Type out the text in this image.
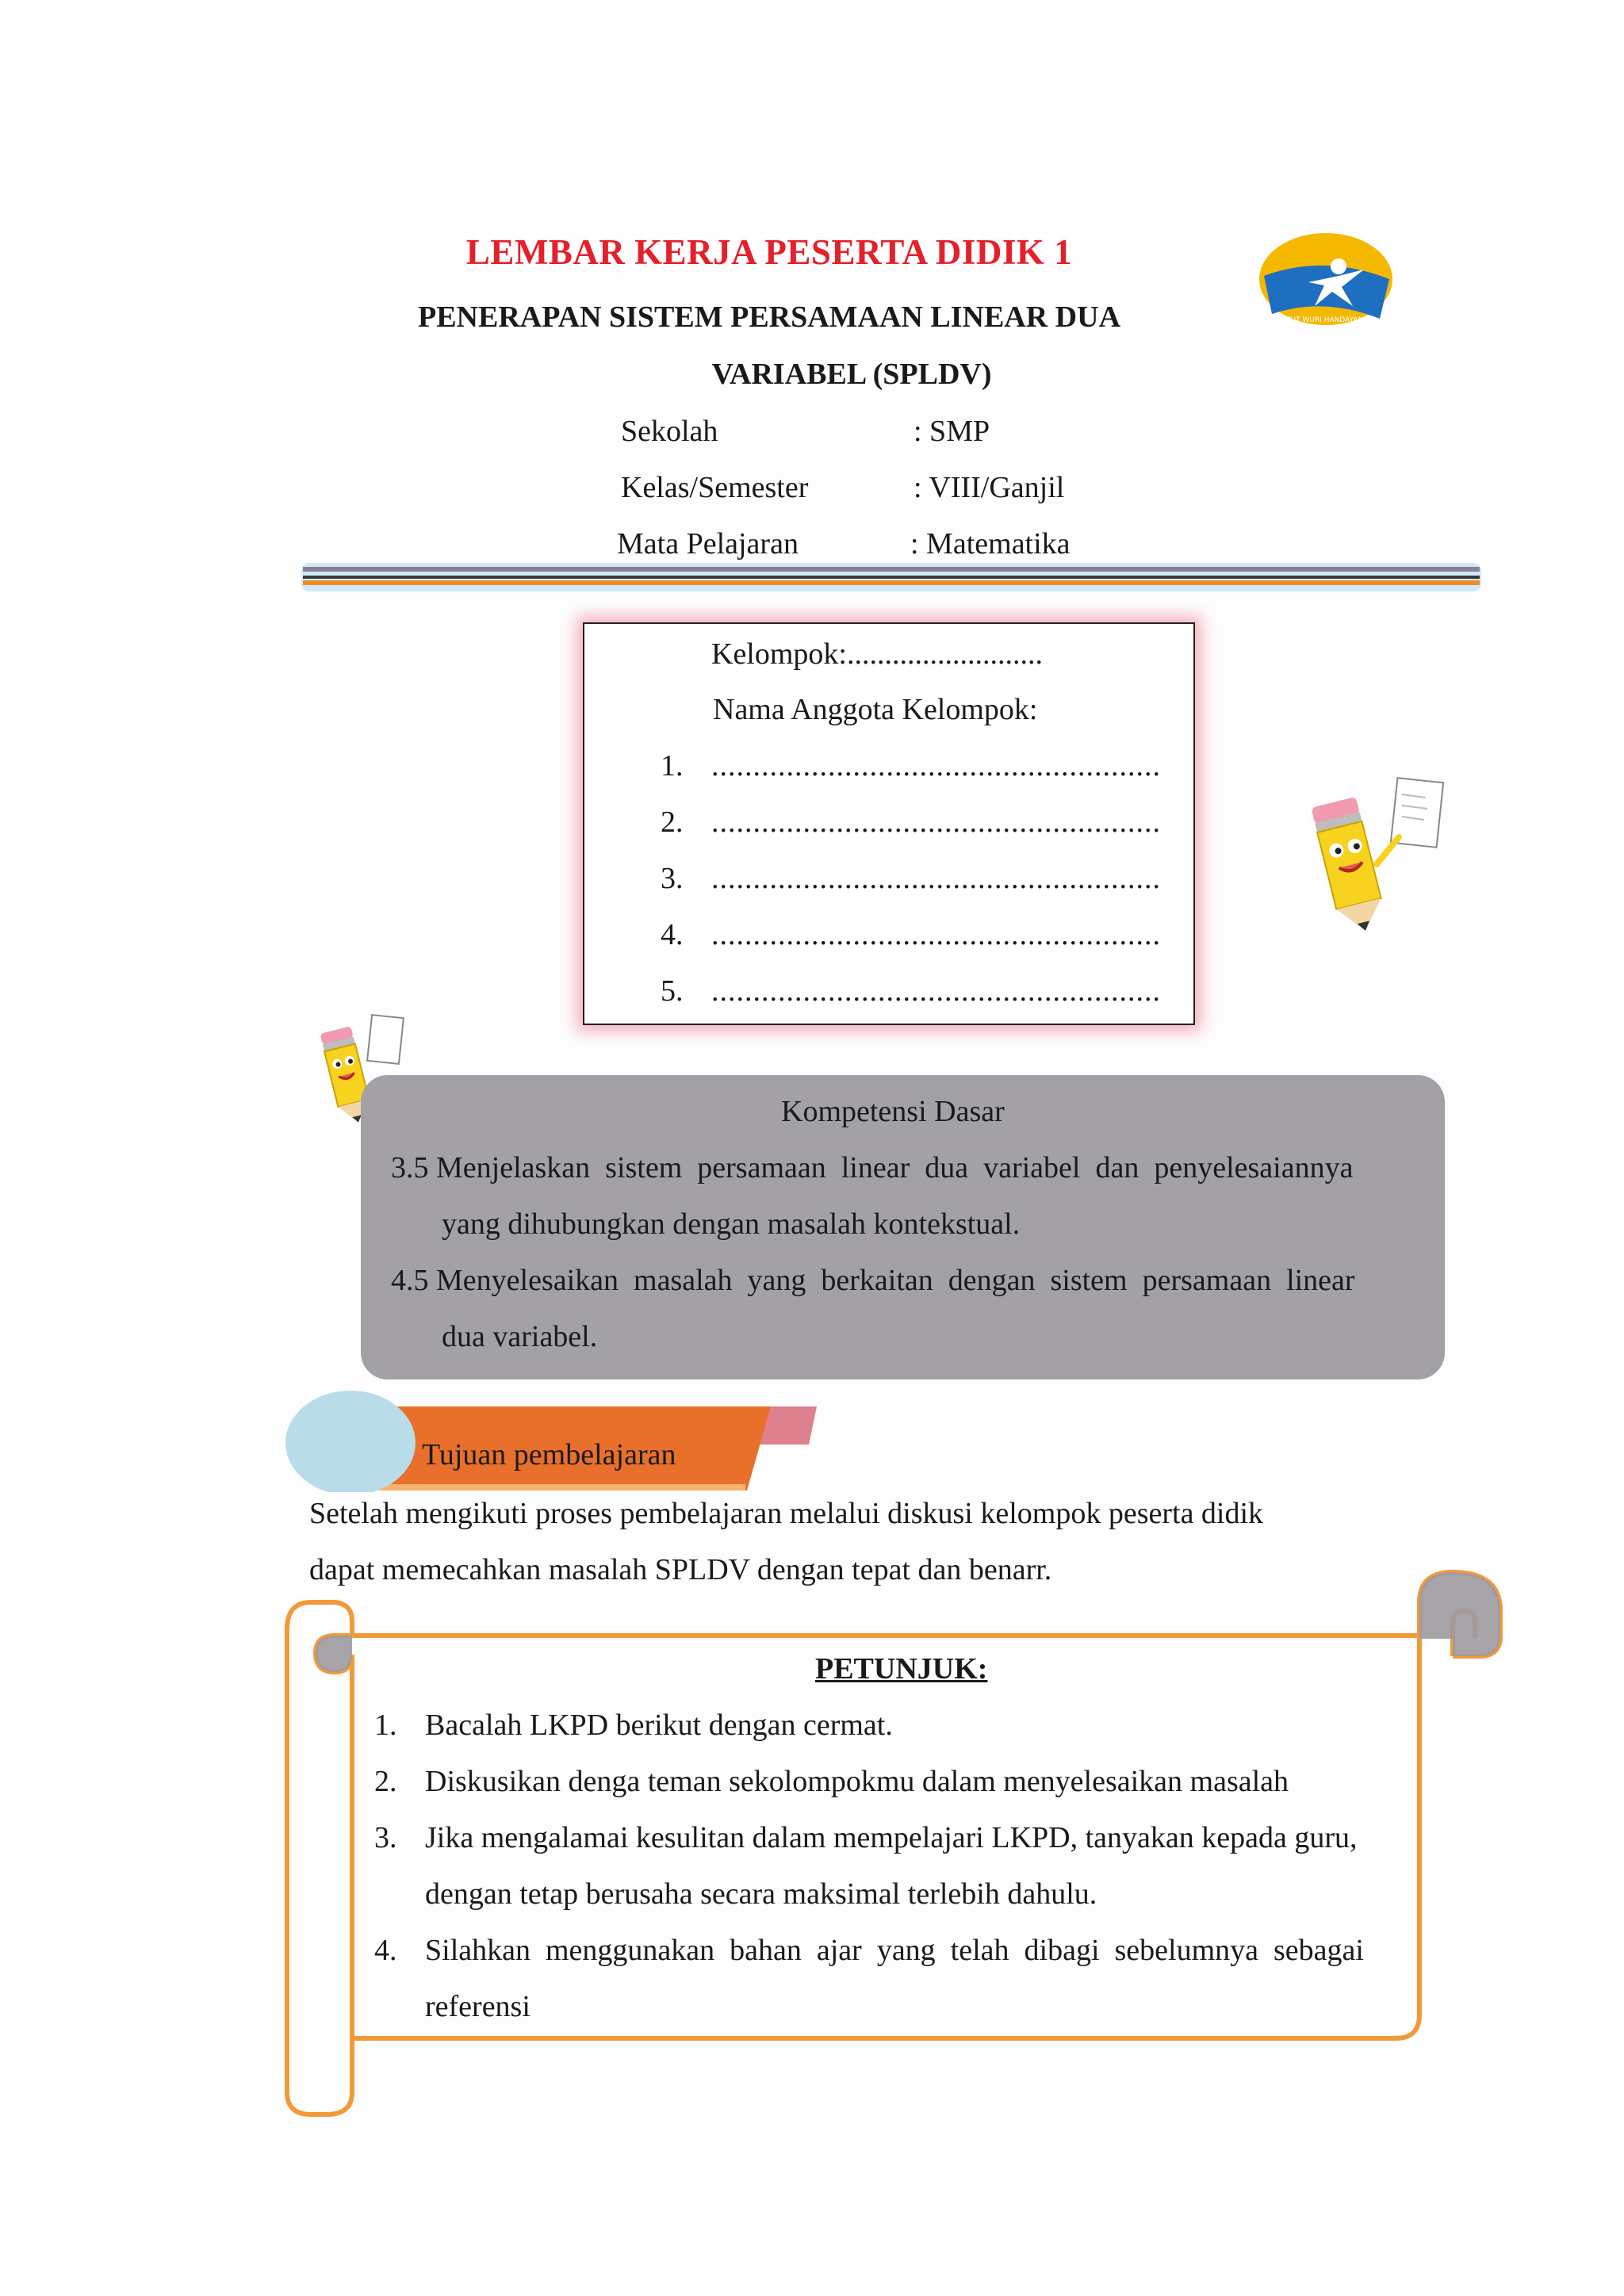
LEMBAR KERJA PESERTA DIDIK 1
TUT WURI HANDAYANI
PENERAPAN SISTEM PERSAMAAN LINEAR DUA
VARIABEL (SPLDV)
Sekolah	: SMP
Kelas/Semester	: VIII/Ganjil
Mata Pelajaran	: Matematika
Kelompok:..........................
Nama Anggota Kelompok:
1. ......................................................
2. ......................................................
3. ......................................................
4. ......................................................
5. ......................................................
Kompetensi Dasar
3.5 Menjelaskan  sistem  persamaan  linear  dua  variabel  dan  penyelesaiannya
yang dihubungkan dengan masalah kontekstual.
4.5 Menyelesaikan  masalah  yang  berkaitan  dengan  sistem  persamaan  linear
dua variabel.
Tujuan pembelajaran
Setelah mengikuti proses pembelajaran melalui diskusi kelompok peserta didik
dapat memecahkan masalah SPLDV dengan tepat dan benarr.
PETUNJUK:
1. Bacalah LKPD berikut dengan cermat.
2. Diskusikan denga teman sekolompokmu dalam menyelesaikan masalah
3. Jika mengalamai kesulitan dalam mempelajari LKPD, tanyakan kepada guru,
dengan tetap berusaha secara maksimal terlebih dahulu.
4. Silahkan  menggunakan  bahan  ajar  yang  telah  dibagi  sebelumnya  sebagai
referensi
